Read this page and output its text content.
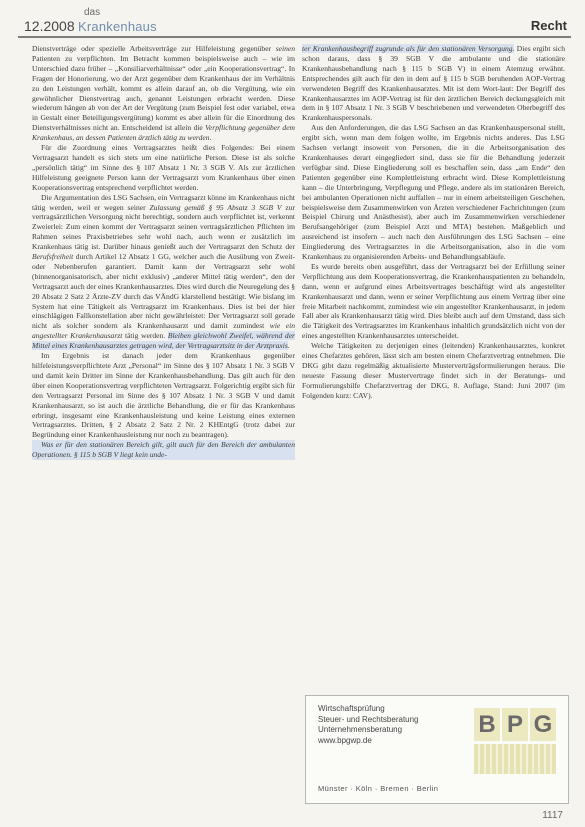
12.2008
das
Krankenhaus	Recht

Dienstverträge oder spezielle Arbeitsverträge zur Hilfeleistung gegenüber seinen Patienten zu verpflichten. Im Betracht kommen beispielsweise auch – wie im Unterschied dazu früher – „Konsiliarverhältnisse“ oder „ein Kooperationsvertrag“. In Fragen der Honorierung, wo der Arzt gegenüber dem Krankenhaus der im Verhältnis zu den Leistungen verhält, kommt es allein darauf an, ob die Vergütung, wie ein gewöhnlicher Dienstvertrag auch, genannt Leistungen erbracht werden. Diese wiederum hängen ab von der Art der Vergütung (zum Beispiel fest oder variabel, etwa in Gestalt einer Beteiligungsvergütung) kommt es aber allein für die Einordnung des Dienstverhältnisses nicht an. Entscheidend ist allein die Verpflichtung gegenüber dem Krankenhaus, an dessen Patienten ärztlich tätig zu werden.

Für die Zuordnung eines Vertragsarztes heißt dies Folgendes: Bei einem Vertragsarzt handelt es sich stets um eine natürliche Person. Diese ist als solche „persönlich tätig“ im Sinne des § 107 Absatz 1 Nr. 3 SGB V. Als zur ärztlichen Hilfeleistung geeignete Person kann der Vertragsarzt vom Krankenhaus über einen Kooperationsvertrag entsprechend verpflichtet werden.

Die Argumentation des LSG Sachsen, ein Vertragsarzt könne im Krankenhaus nicht tätig werden, weil er wegen seiner Zulassung gemäß § 95 Absatz 3 SGB V zur vertragsärztlichen Versorgung nicht berechtigt, sondern auch verpflichtet ist, verkennt Zweierlei: Zum einen kommt der Vertragsarzt seinen vertragsärztlichen Pflichten im Rahmen seines Praxisbetriebes sehr wohl nach, auch wenn er zusätzlich im Krankenhaus tätig ist. Darüber hinaus genießt auch der Vertragsarzt den Schutz der Berufsfreiheit durch Artikel 12 Absatz 1 GG, welcher auch die Ausübung von Zweit- oder Nebenberufen garantiert. Damit kann der Vertragsarzt sehr wohl (binnenorganisatorisch, aber nicht exklusiv) „anderer Mittel tätig werden“, den der Vertragsarzt auch der eines Krankenhausarztes. Dies wird durch die Neuregelung des § 20 Absatz 2 Satz 2 Ärzte-ZV durch das VÄndG klarstellend bestätigt. Wie bislang im System hat eine Tätigkeit als Vertragsarzt im Krankenhaus. Dies ist bei der hier einschlägigen Fallkonstellation aber nicht gewährleistet: Der Vertragsarzt soll gerade nicht als solcher sondern als Krankenhausarzt und damit zumindest wie ein angestellter Krankenhausarzt tätig werden. Bleiben gleichwohl Zweifel, während der Mittel eines Krankenhausarztes getragen wird, der Vertragsarztsitz in der Arztpraxis.

Im Ergebnis ist danach jeder dem Krankenhaus gegenüber hilfeleistungsverpflichtete Arzt „Personal“ im Sinne des § 107 Absatz 1 Nr. 3 SGB V und damit kein Dritter im Sinne der Krankenhausbehandlung. Das gilt auch für den über einen Kooperationsvertrag verpflichteten Vertragsarzt. Folgerichtig ergibt sich für den Vertragsarzt Personal im Sinne des § 107 Absatz 1 Nr. 3 SGB V und damit Krankenhausarzt, so ist auch die ärztliche Behandlung, die er für das Krankenhaus erbringt, insgesamt eine Krankenhausleistung und keine Leistung eines externen Vertragsarztes. Dritten, § 2 Absatz 2 Satz 2 Nr. 2 KHEntgG (trotz dabei zur Begründung einer Krankenhausleistung nur noch zu beantragen).

Was er für den stationären Bereich gilt, gilt auch für den Bereich der ambulanten Operationen. § 115 b SGB V liegt kein unde-

ter Krankenhausbegriff zugrunde als für den stationären Versorgung. Dies ergibt sich schon daraus, dass § 39 SGB V die ambulante und die stationäre Krankenhausbehandlung nach § 115 b SGB V) in einem Atemzug erwähnt. Entsprechendes gilt auch für den in dem auf § 115 b SGB beruhenden AOP-Vertrag verwendeten Begriff des Krankenhausarztes. Mit ist dem Wort-laut: Der Begriff des Krankenhausarztes im AOP-Vertrag ist für den ärztlichen Bereich deckungsgleich mit dem in § 107 Absatz 1 Nr. 3 SGB V beschriebenen und verwendeten Oberbegriff des Krankenhauspersonals.

Aus den Anforderungen, die das LSG Sachsen an das Krankenhauspersonal stellt, ergibt sich, wenn man dem folgen wollte, im Ergebnis nichts anderes. Das LSG Sachsen verlangt insoweit von Personen, die in die Arbeitsorganisation des Krankenhauses derart eingegliedert sind, dass sie für die Behandlung jederzeit verfügbar sind. Diese Eingliederung soll es beschaffen sein, dass „am Ende“ den Patienten gegenüber eine Komplettleistung erbracht wird. Diese Komplettleistung kann – die Unterbringung, Verpflegung und Pflege, andere als im stationären Bereich, bei ambulanten Operationen nicht auffallen – nur in einem arbeitsteiligen Geschehen, beispielsweise dem Zusammenwirken von Ärzten verschiedener Fachrichtungen (zum Beispiel Chirurg und Anästhesist), aber auch im Zusammenwirken verschiedener Berufsangehöriger (zum Beispiel Arzt und MTA) bestehen. Maßgeblich und ausreichend ist insofern – auch nach den Ausführungen des LSG Sachsen – eine Eingliederung des Vertragsarztes in die Arbeitsorganisation, also in die vom Krankenhaus zu organisierenden Arbeits- und Behandlungsabläufe.

Es wurde bereits oben ausgeführt, dass der Vertragsarzt bei der Erfüllung seiner Verpflichtung aus dem Kooperationsvertrag, die Krankenhauspatienten zu behandeln, dann, wenn er aufgrund eines Arbeitsvertrages beschäftigt wird als angestellter Krankenhausarzt und dann, wenn er seiner Verpflichtung aus einem Vertrag über eine freie Mitarbeit nachkommt, zumindest wie ein angestellter Krankenhausarzt, in jedem Fall aber als Krankenhausarzt tätig wird. Dies bleibt auch auf dem Umstand, dass sich die Tätigkeit des Vertragsarztes im Krankenhaus inhaltlich grundsätzlich nicht von der eines angestellten Krankenhausarztes unterscheidet.

Welche Tätigkeiten zu derjenigen eines (leitenden) Krankenhausarztes, konkret eines Chefarztes gehören, lässt sich am besten einem Chefarztvertrag entnehmen. Die DKG gibt dazu regelmäßig aktualisierte Musterverträgsformulierungen heraus. Die neueste Fassung dieser Mustervertrage findet sich in der Beratungs- und Formulierungshilfe Chefarztvertrag der DKG, 8. Auflage, Stand: Juni 2007 (im Folgenden kurz: CAV).

Wirtschaftsprüfung
Steuer- und Rechtsberatung
Unternehmensberatung
www.bpgwp.de
B P G
Münster · Köln · Bremen · Berlin
1117
